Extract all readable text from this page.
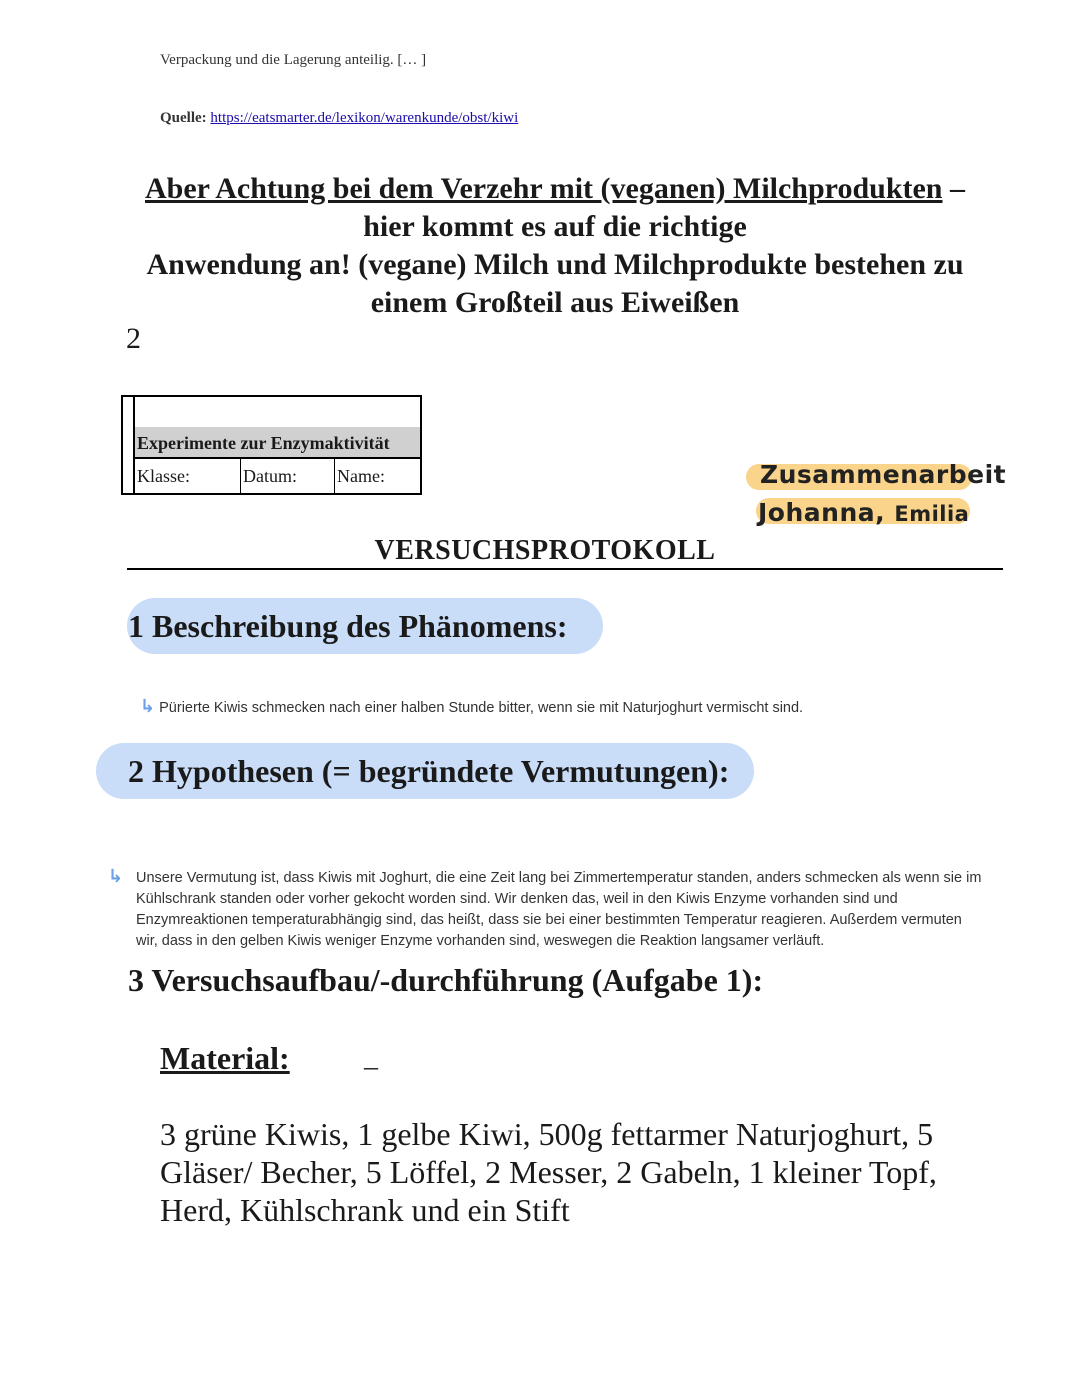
Verpackung und die Lagerung anteilig. [… ]
Quelle: https://eatsmarter.de/lexikon/warenkunde/obst/kiwi
Aber Achtung bei dem Verzehr mit (veganen) Milchprodukten –
hier kommt es auf die richtige
Anwendung an! (vegane) Milch und Milchprodukte bestehen zu
einem Großteil aus Eiweißen
2
Experimente zur Enzymaktivität
Klasse:	Datum:	Name:	Zusammenarbeit
Johanna, Emilia
VERSUCHSPROTOKOLL
1 Beschreibung des Phänomens:
↳ Pürierte Kiwis schmecken nach einer halben Stunde bitter, wenn sie mit Naturjoghurt vermischt sind.
2 Hypothesen (= begründete Vermutungen):
↳ Unsere Vermutung ist, dass Kiwis mit Joghurt, die eine Zeit lang bei Zimmertemperatur standen, anders schmecken als wenn sie im Kühlschrank standen oder vorher gekocht worden sind. Wir denken das, weil in den Kiwis Enzyme vorhanden sind und Enzymreaktionen temperaturabhängig sind, das heißt, dass sie bei einer bestimmten Temperatur reagieren. Außerdem vermuten wir, dass in den gelben Kiwis weniger Enzyme vorhanden sind, weswegen die Reaktion langsamer verläuft.
3 Versuchsaufbau/-durchführung (Aufgabe 1):
Material:	_
3 grüne Kiwis, 1 gelbe Kiwi, 500g fettarmer Naturjoghurt, 5 Gläser/ Becher, 5 Löffel, 2 Messer, 2 Gabeln, 1 kleiner Topf, Herd, Kühlschrank und ein Stift
